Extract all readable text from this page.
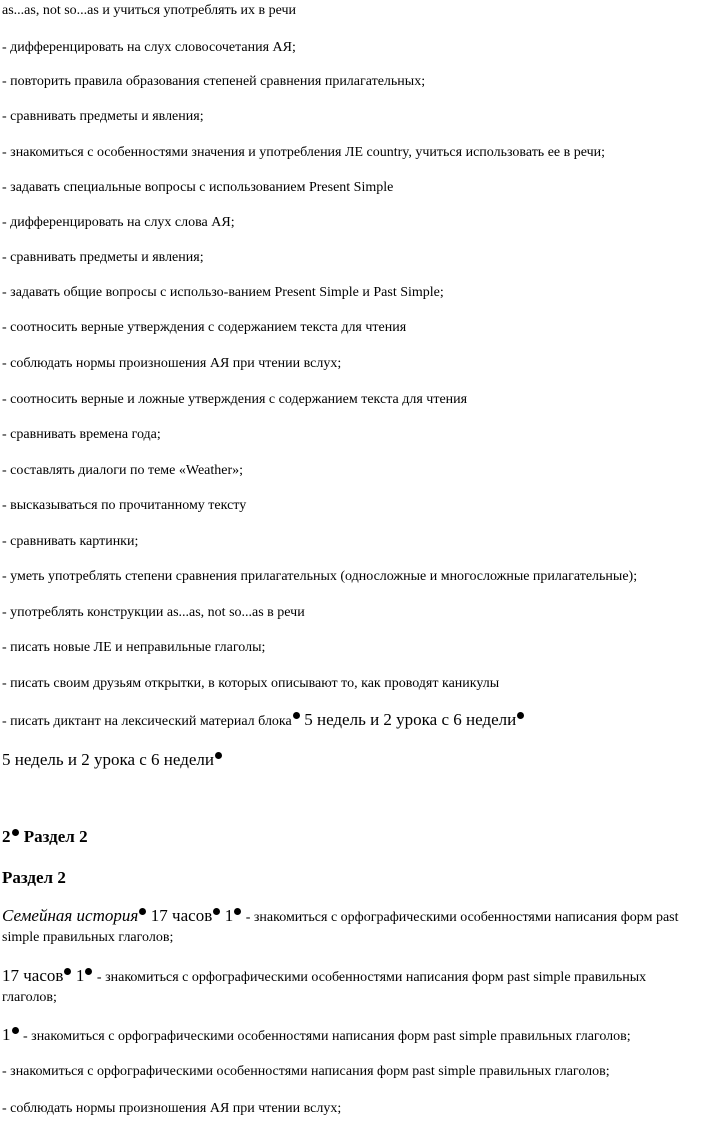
as...as, not so...as и учиться употреблять их в речи
- дифференцировать на слух словосочетания АЯ;
- повторить правила образования степеней сравнения прилагательных;
- сравнивать предметы и явления;
- знакомиться с особенностями значения и употребления ЛЕ country, учиться использовать ее в речи;
- задавать специальные вопросы с использованием Present Simple
- дифференцировать на слух слова АЯ;
- сравнивать предметы и явления;
- задавать общие вопросы с использо-ванием Present Simple и Past Simple;
- соотносить верные утверждения с содержанием текста для чтения
- соблюдать нормы произношения АЯ при чтении вслух;
- соотносить верные и ложные утверждения с содержанием текста для чтения
- сравнивать времена года;
- составлять диалоги по теме «Weather»;
- высказываться по прочитанному тексту
- сравнивать картинки;
- уметь употреблять степени сравнения прилагательных (односложные и многосложные прилагательные);
- употреблять конструкции as...as, not so...as в речи
- писать новые ЛЕ и неправильные глаголы;
- писать своим друзьям открытки, в которых описывают то, как проводят каникулы
- писать диктант на лексический материал блока 5 недель и 2 урока с 6 недели
5 недель и 2 урока с 6 недели
2 Раздел 2
Раздел 2
Семейная история 17 часов 1 - знакомиться с орфографическими особенностями написания форм past simple правильных глаголов;
17 часов 1 - знакомиться с орфографическими особенностями написания форм past simple правильных глаголов;
1 - знакомиться с орфографическими особенностями написания форм past simple правильных глаголов;
- знакомиться с орфографическими особенностями написания форм past simple правильных глаголов;
- соблюдать нормы произношения АЯ при чтении вслух;
